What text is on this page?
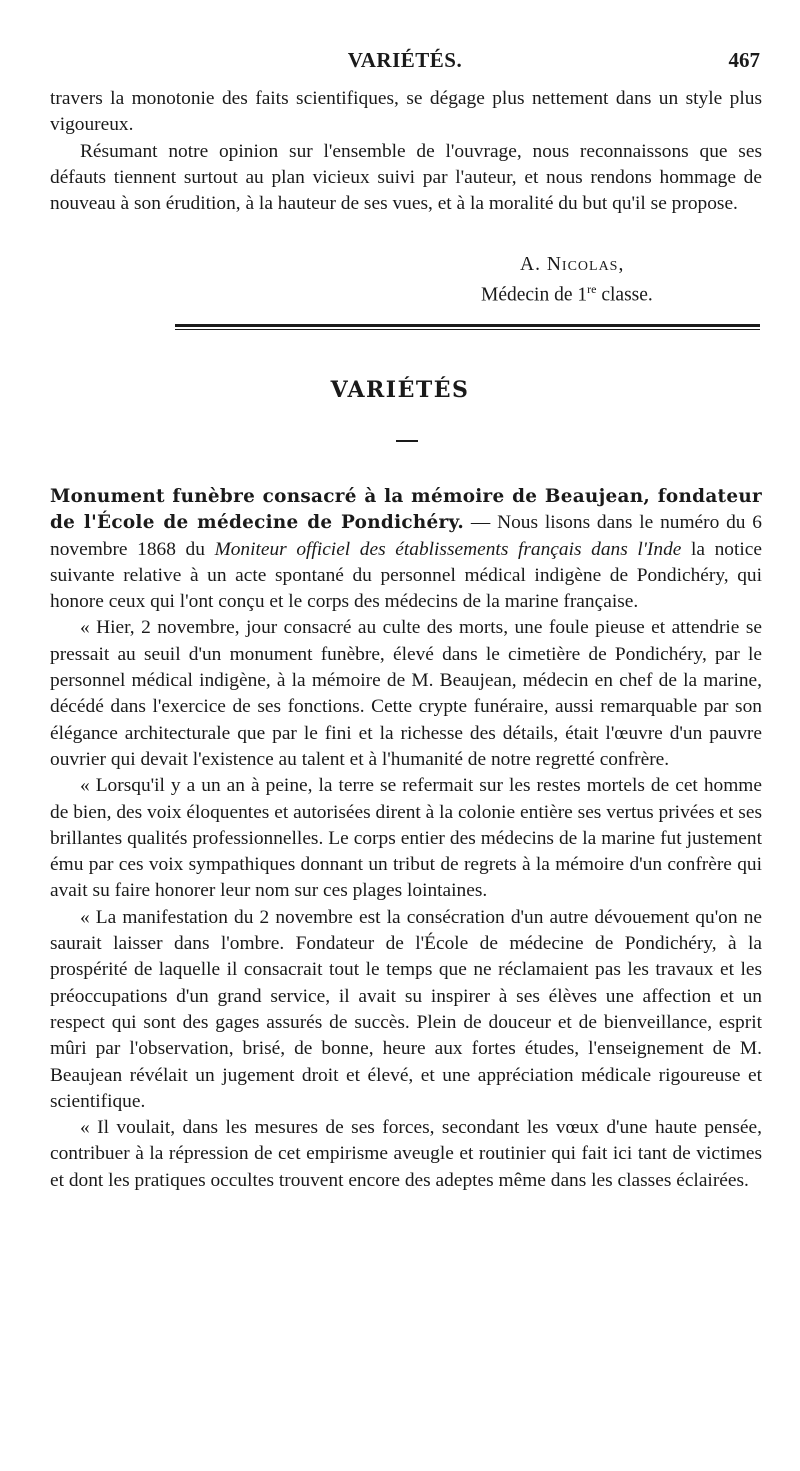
VARIÉTÉS.	467

travers la monotonie des faits scientifiques, se dégage plus nettement dans un style plus vigoureux.

Résumant notre opinion sur l'ensemble de l'ouvrage, nous reconnaissons que ses défauts tiennent surtout au plan vicieux suivi par l'auteur, et nous rendons hommage de nouveau à son érudition, à la hauteur de ses vues, et à la moralité du but qu'il se propose.

A. Nicolas,
Médecin de 1re classe.
VARIÉTÉS

Monument funèbre consacré à la mémoire de Beaujean, fondateur de l'École de médecine de Pondichéry. — Nous lisons dans le numéro du 6 novembre 1868 du Moniteur officiel des établissements français dans l'Inde la notice suivante relative à un acte spontané du personnel médical indigène de Pondichéry, qui honore ceux qui l'ont conçu et le corps des médecins de la marine française.

« Hier, 2 novembre, jour consacré au culte des morts, une foule pieuse et attendrie se pressait au seuil d'un monument funèbre, élevé dans le cimetière de Pondichéry, par le personnel médical indigène, à la mémoire de M. Beaujean, médecin en chef de la marine, décédé dans l'exercice de ses fonctions. Cette crypte funéraire, aussi remarquable par son élégance architecturale que par le fini et la richesse des détails, était l'œuvre d'un pauvre ouvrier qui devait l'existence au talent et à l'humanité de notre regretté confrère.

« Lorsqu'il y a un an à peine, la terre se refermait sur les restes mortels de cet homme de bien, des voix éloquentes et autorisées dirent à la colonie entière ses vertus privées et ses brillantes qualités professionnelles. Le corps entier des médecins de la marine fut justement ému par ces voix sympathiques donnant un tribut de regrets à la mémoire d'un confrère qui avait su faire honorer leur nom sur ces plages lointaines.

« La manifestation du 2 novembre est la consécration d'un autre dévouement qu'on ne saurait laisser dans l'ombre. Fondateur de l'École de médecine de Pondichéry, à la prospérité de laquelle il consacrait tout le temps que ne réclamaient pas les travaux et les préoccupations d'un grand service, il avait su inspirer à ses élèves une affection et un respect qui sont des gages assurés de succès. Plein de douceur et de bienveillance, esprit mûri par l'observation, brisé, de bonne, heure aux fortes études, l'enseignement de M. Beaujean révélait un jugement droit et élevé, et une appréciation médicale rigoureuse et scientifique.

« Il voulait, dans les mesures de ses forces, secondant les vœux d'une haute pensée, contribuer à la répression de cet empirisme aveugle et routinier qui fait ici tant de victimes et dont les pratiques occultes trouvent encore des adeptes même dans les classes éclairées.
